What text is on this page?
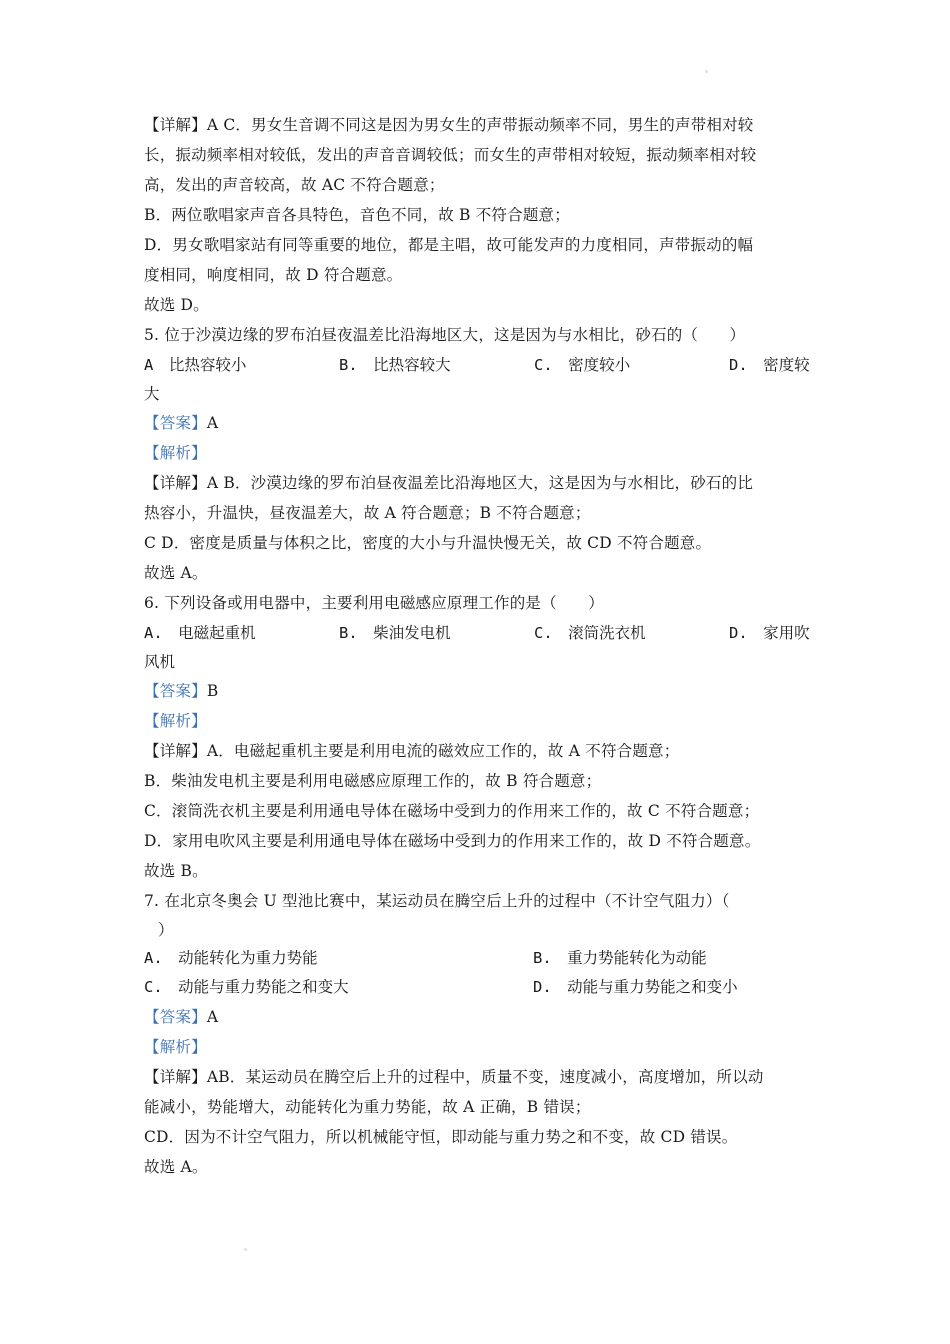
【详解】A C．男女生音调不同这是因为男女生的声带振动频率不同，男生的声带相对较
长，振动频率相对较低，发出的声音音调较低；而女生的声带相对较短，振动频率相对较
高，发出的声音较高，故 AC 不符合题意；
B．两位歌唱家声音各具特色，音色不同，故 B 不符合题意；
D．男女歌唱家站有同等重要的地位，都是主唱，故可能发声的力度相同，声带振动的幅
度相同，响度相同，故 D 符合题意。
故选 D。
5. 位于沙漠边缘的罗布泊昼夜温差比沿海地区大，这是因为与水相比，砂石的（　　）
A　比热容较小	B.　比热容较大	C.　密度较小	D.　密度较
大
【答案】A
【解析】
【详解】A B．沙漠边缘的罗布泊昼夜温差比沿海地区大，这是因为与水相比，砂石的比
热容小，升温快，昼夜温差大，故 A 符合题意；B 不符合题意；
C D．密度是质量与体积之比，密度的大小与升温快慢无关，故 CD 不符合题意。
故选 A。
6. 下列设备或用电器中，主要利用电磁感应原理工作的是（　　）
A.　电磁起重机	B.　柴油发电机	C.　滚筒洗衣机	D.　家用吹
风机
【答案】B
【解析】
【详解】A．电磁起重机主要是利用电流的磁效应工作的，故 A 不符合题意；
B．柴油发电机主要是利用电磁感应原理工作的，故 B 符合题意；
C．滚筒洗衣机主要是利用通电导体在磁场中受到力的作用来工作的，故 C 不符合题意；
D．家用电吹风主要是利用通电导体在磁场中受到力的作用来工作的，故 D 不符合题意。
故选 B。
7. 在北京冬奥会 U 型池比赛中，某运动员在腾空后上升的过程中（不计空气阻力）（
）
A.　动能转化为重力势能	B.　重力势能转化为动能
C.　动能与重力势能之和变大	D.　动能与重力势能之和变小
【答案】A
【解析】
【详解】AB．某运动员在腾空后上升的过程中，质量不变，速度减小，高度增加，所以动
能减小，势能增大，动能转化为重力势能，故 A 正确，B 错误；
CD．因为不计空气阻力，所以机械能守恒，即动能与重力势之和不变，故 CD 错误。
故选 A。
